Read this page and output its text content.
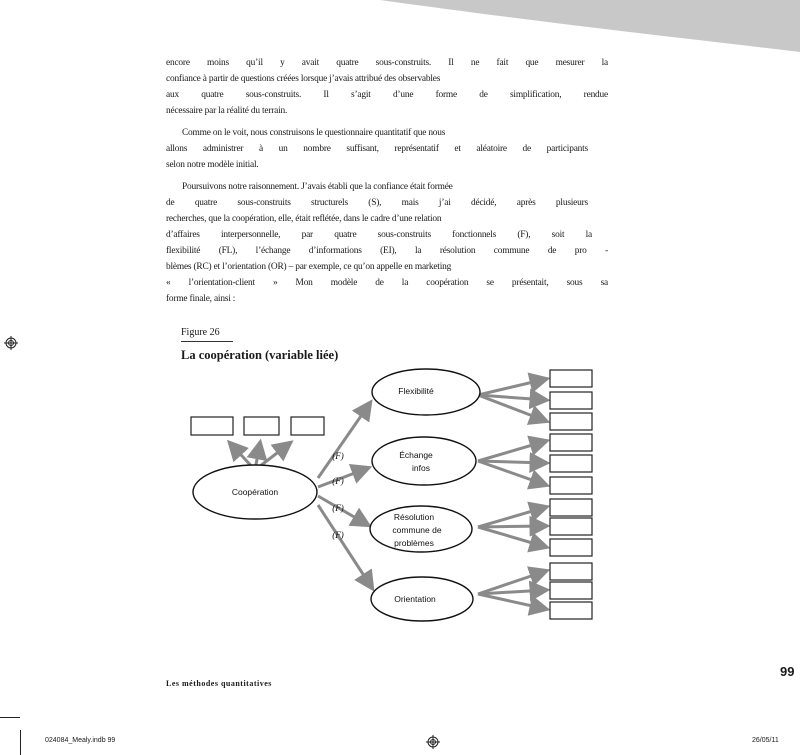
encore moins qu’il y avait quatre sous-construits. Il ne fait que mesurer la
confiance à partir de questions créées lorsque j’avais attribué des observables
aux quatre sous-construits. Il s’agit d’une forme de simplification, rendue
nécessaire par la réalité du terrain.
Comme on le voit, nous construisons le questionnaire quantitatif que nous
allons administrer à un nombre suffisant, représentatif et aléatoire de participants
selon notre modèle initial.
Poursuivons notre raisonnement. J’avais établi que la confiance était formée
de quatre sous-construits structurels (S), mais j’ai décidé, après plusieurs
recherches, que la coopération, elle, était reflétée, dans le cadre d’une relation
d’affaires interpersonnelle, par quatre sous-construits fonctionnels (F), soit la
flexibilité (FL), l’échange d’informations (EI), la résolution commune de pro -
blèmes (RC) et l’orientation (OR) – par exemple, ce qu’on appelle en marketing
« l’orientation-client » Mon modèle de la coopération se présentait, sous sa
forme finale, ainsi :
Figure 26
La coopération (variable liée)
Coopération
Flexibilité
Échange
infos
Résolution
commune de
problèmes
Orientation
(F)
(F)
(F)
(F)
99
Les méthodes quantitatives
024084_Mealy.indb 99	26/05/11
